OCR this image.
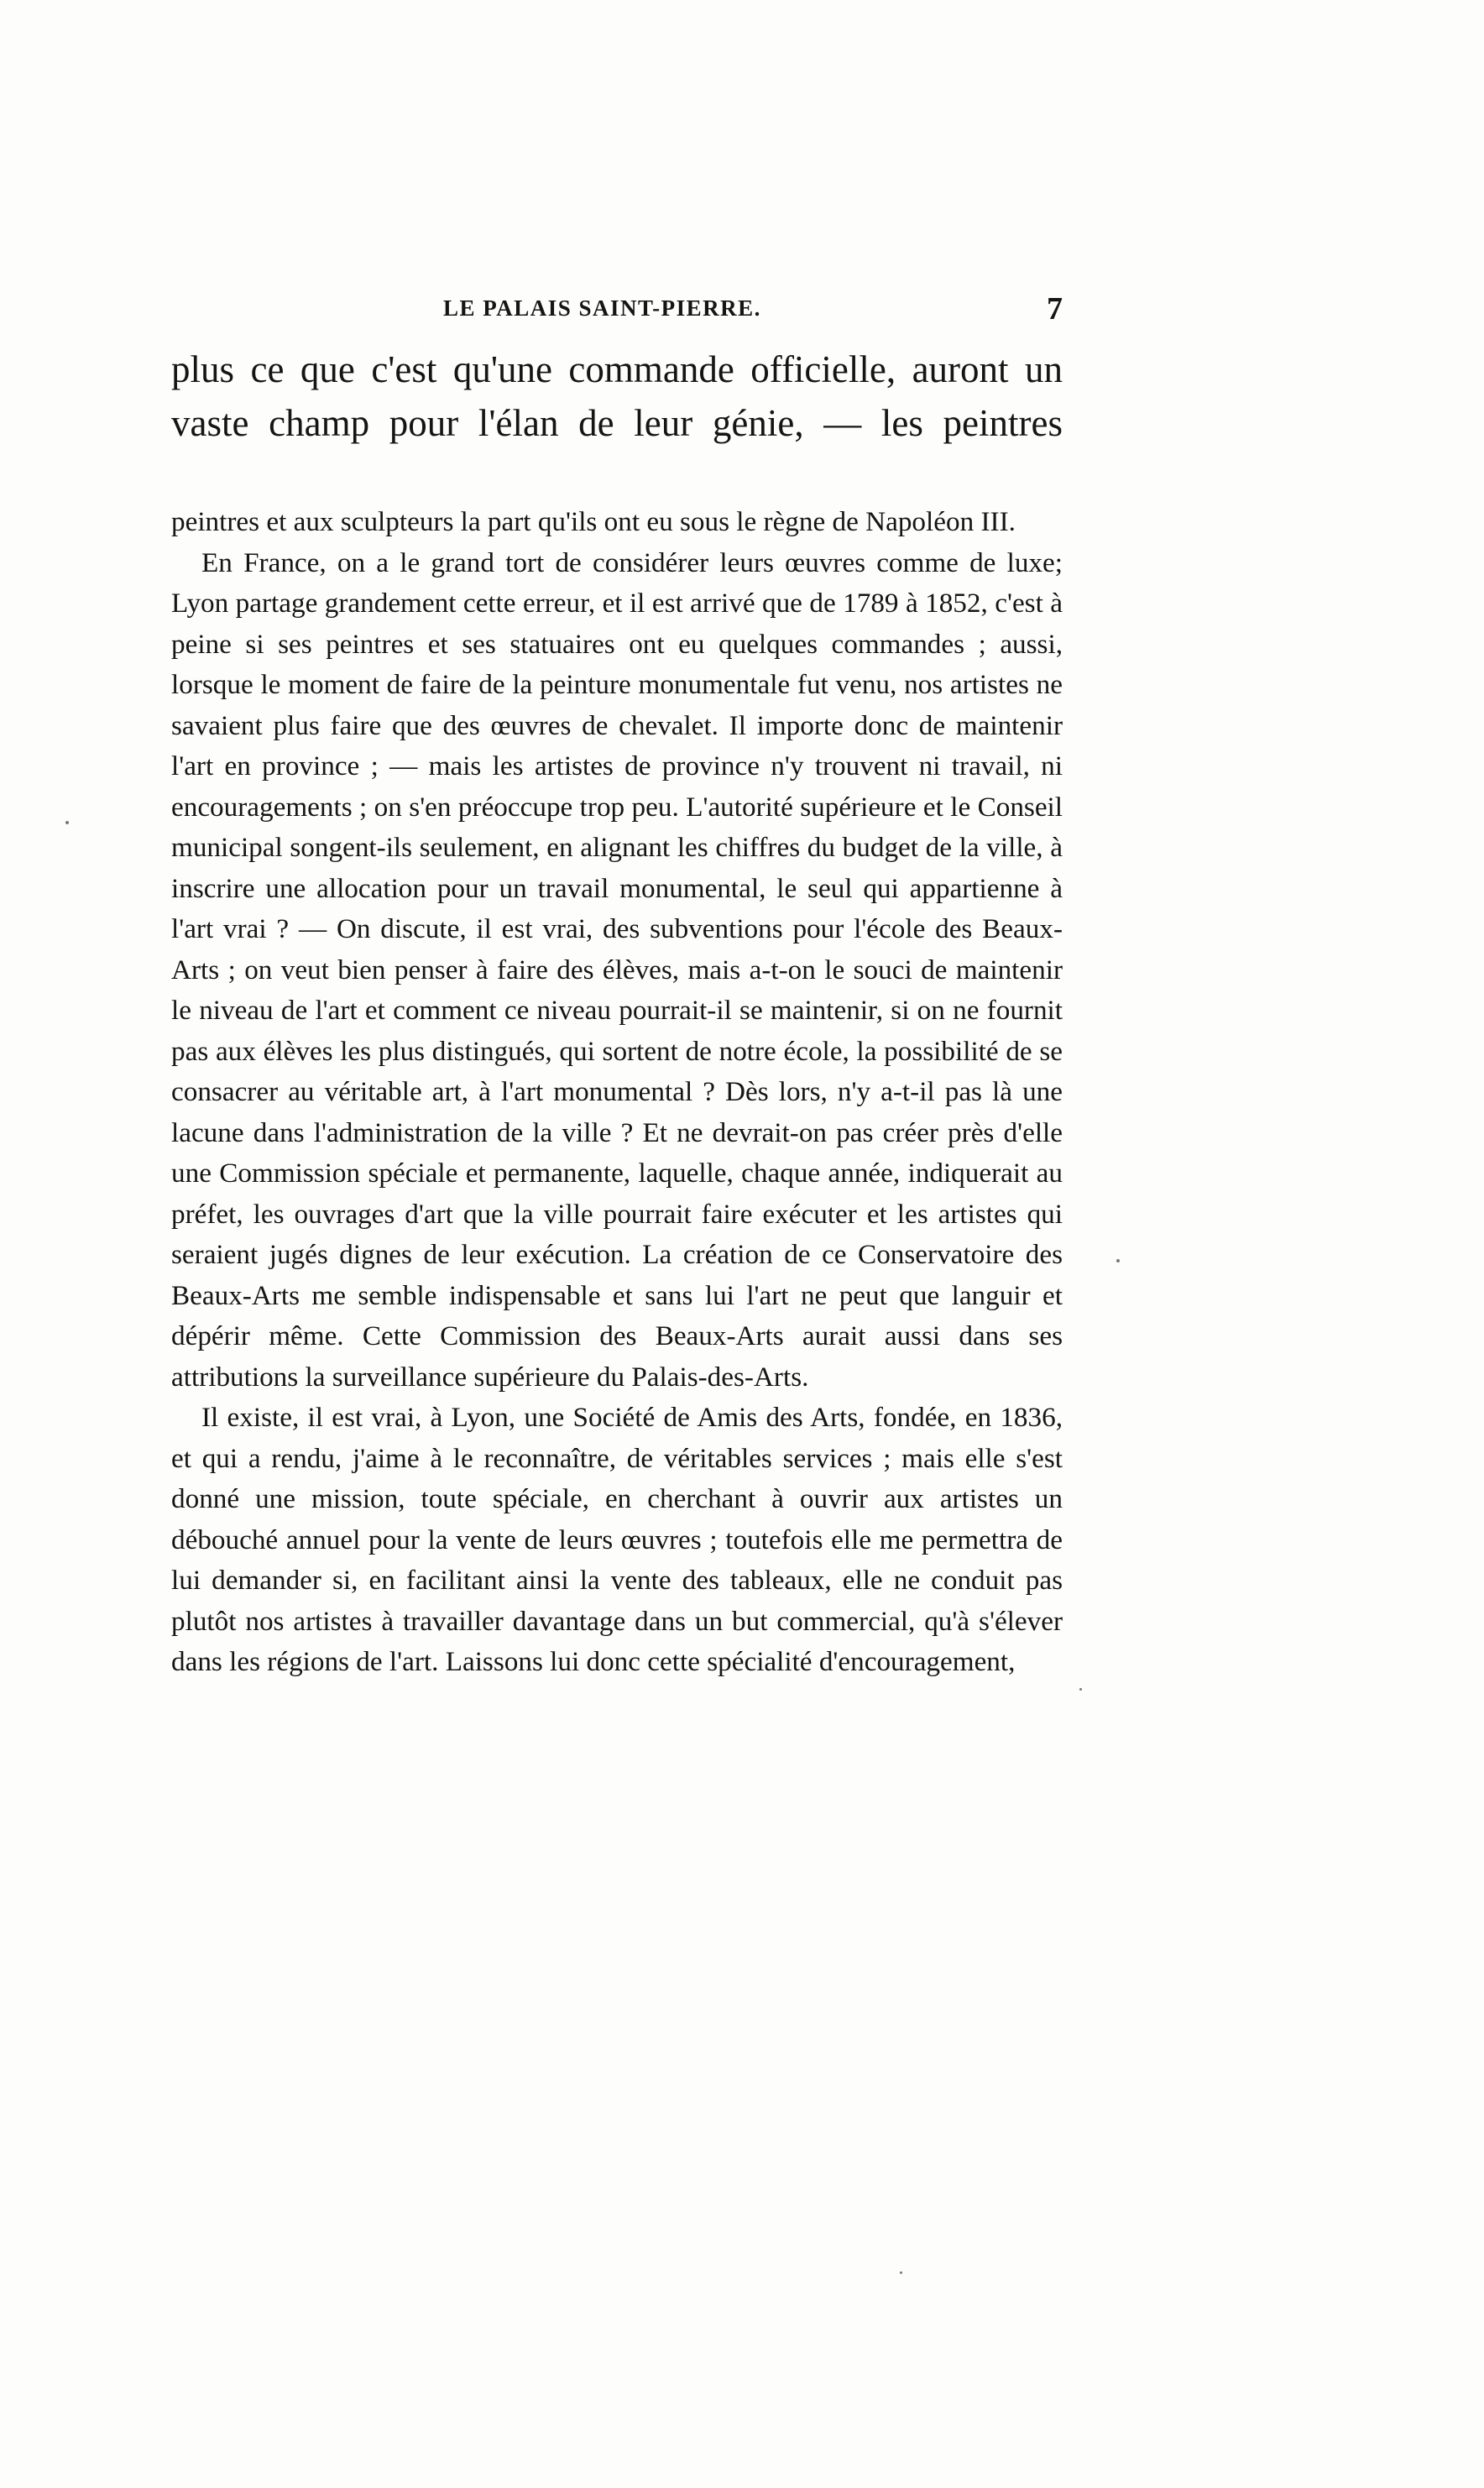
LE PALAIS SAINT-PIERRE.	7
plus ce que c'est qu'une commande officielle, auront un
vaste champ pour l'élan de leur génie, — les peintres

peintres et aux sculpteurs la part qu'ils ont eu sous le règne de Napoléon III.

En France, on a le grand tort de considérer leurs œuvres comme de luxe; Lyon partage grandement cette erreur, et il est arrivé que de 1789 à 1852, c'est à peine si ses peintres et ses statuaires ont eu quelques commandes ; aussi, lorsque le moment de faire de la peinture monumentale fut venu, nos artistes ne savaient plus faire que des œuvres de chevalet. Il importe donc de maintenir l'art en province ; — mais les artistes de province n'y trouvent ni travail, ni encouragements ; on s'en préoccupe trop peu. L'autorité supérieure et le Conseil municipal songent-ils seulement, en alignant les chiffres du budget de la ville, à inscrire une allocation pour un travail monumental, le seul qui appartienne à l'art vrai ? — On discute, il est vrai, des subventions pour l'école des Beaux-Arts ; on veut bien penser à faire des élèves, mais a-t-on le souci de maintenir le niveau de l'art et comment ce niveau pourrait-il se maintenir, si on ne fournit pas aux élèves les plus distingués, qui sortent de notre école, la possibilité de se consacrer au véritable art, à l'art monumental ? Dès lors, n'y a-t-il pas là une lacune dans l'administration de la ville ? Et ne devrait-on pas créer près d'elle une Commission spéciale et permanente, laquelle, chaque année, indiquerait au préfet, les ouvrages d'art que la ville pourrait faire exécuter et les artistes qui seraient jugés dignes de leur exécution. La création de ce Conservatoire des Beaux-Arts me semble indispensable et sans lui l'art ne peut que languir et dépérir même. Cette Commission des Beaux-Arts aurait aussi dans ses attributions la surveillance supérieure du Palais-des-Arts.

Il existe, il est vrai, à Lyon, une Société de Amis des Arts, fondée, en 1836, et qui a rendu, j'aime à le reconnaître, de véritables services ; mais elle s'est donné une mission, toute spéciale, en cherchant à ouvrir aux artistes un débouché annuel pour la vente de leurs œuvres ; toutefois elle me permettra de lui demander si, en facilitant ainsi la vente des tableaux, elle ne conduit pas plutôt nos artistes à travailler davantage dans un but commercial, qu'à s'élever dans les régions de l'art. Laissons lui donc cette spécialité d'encouragement,
